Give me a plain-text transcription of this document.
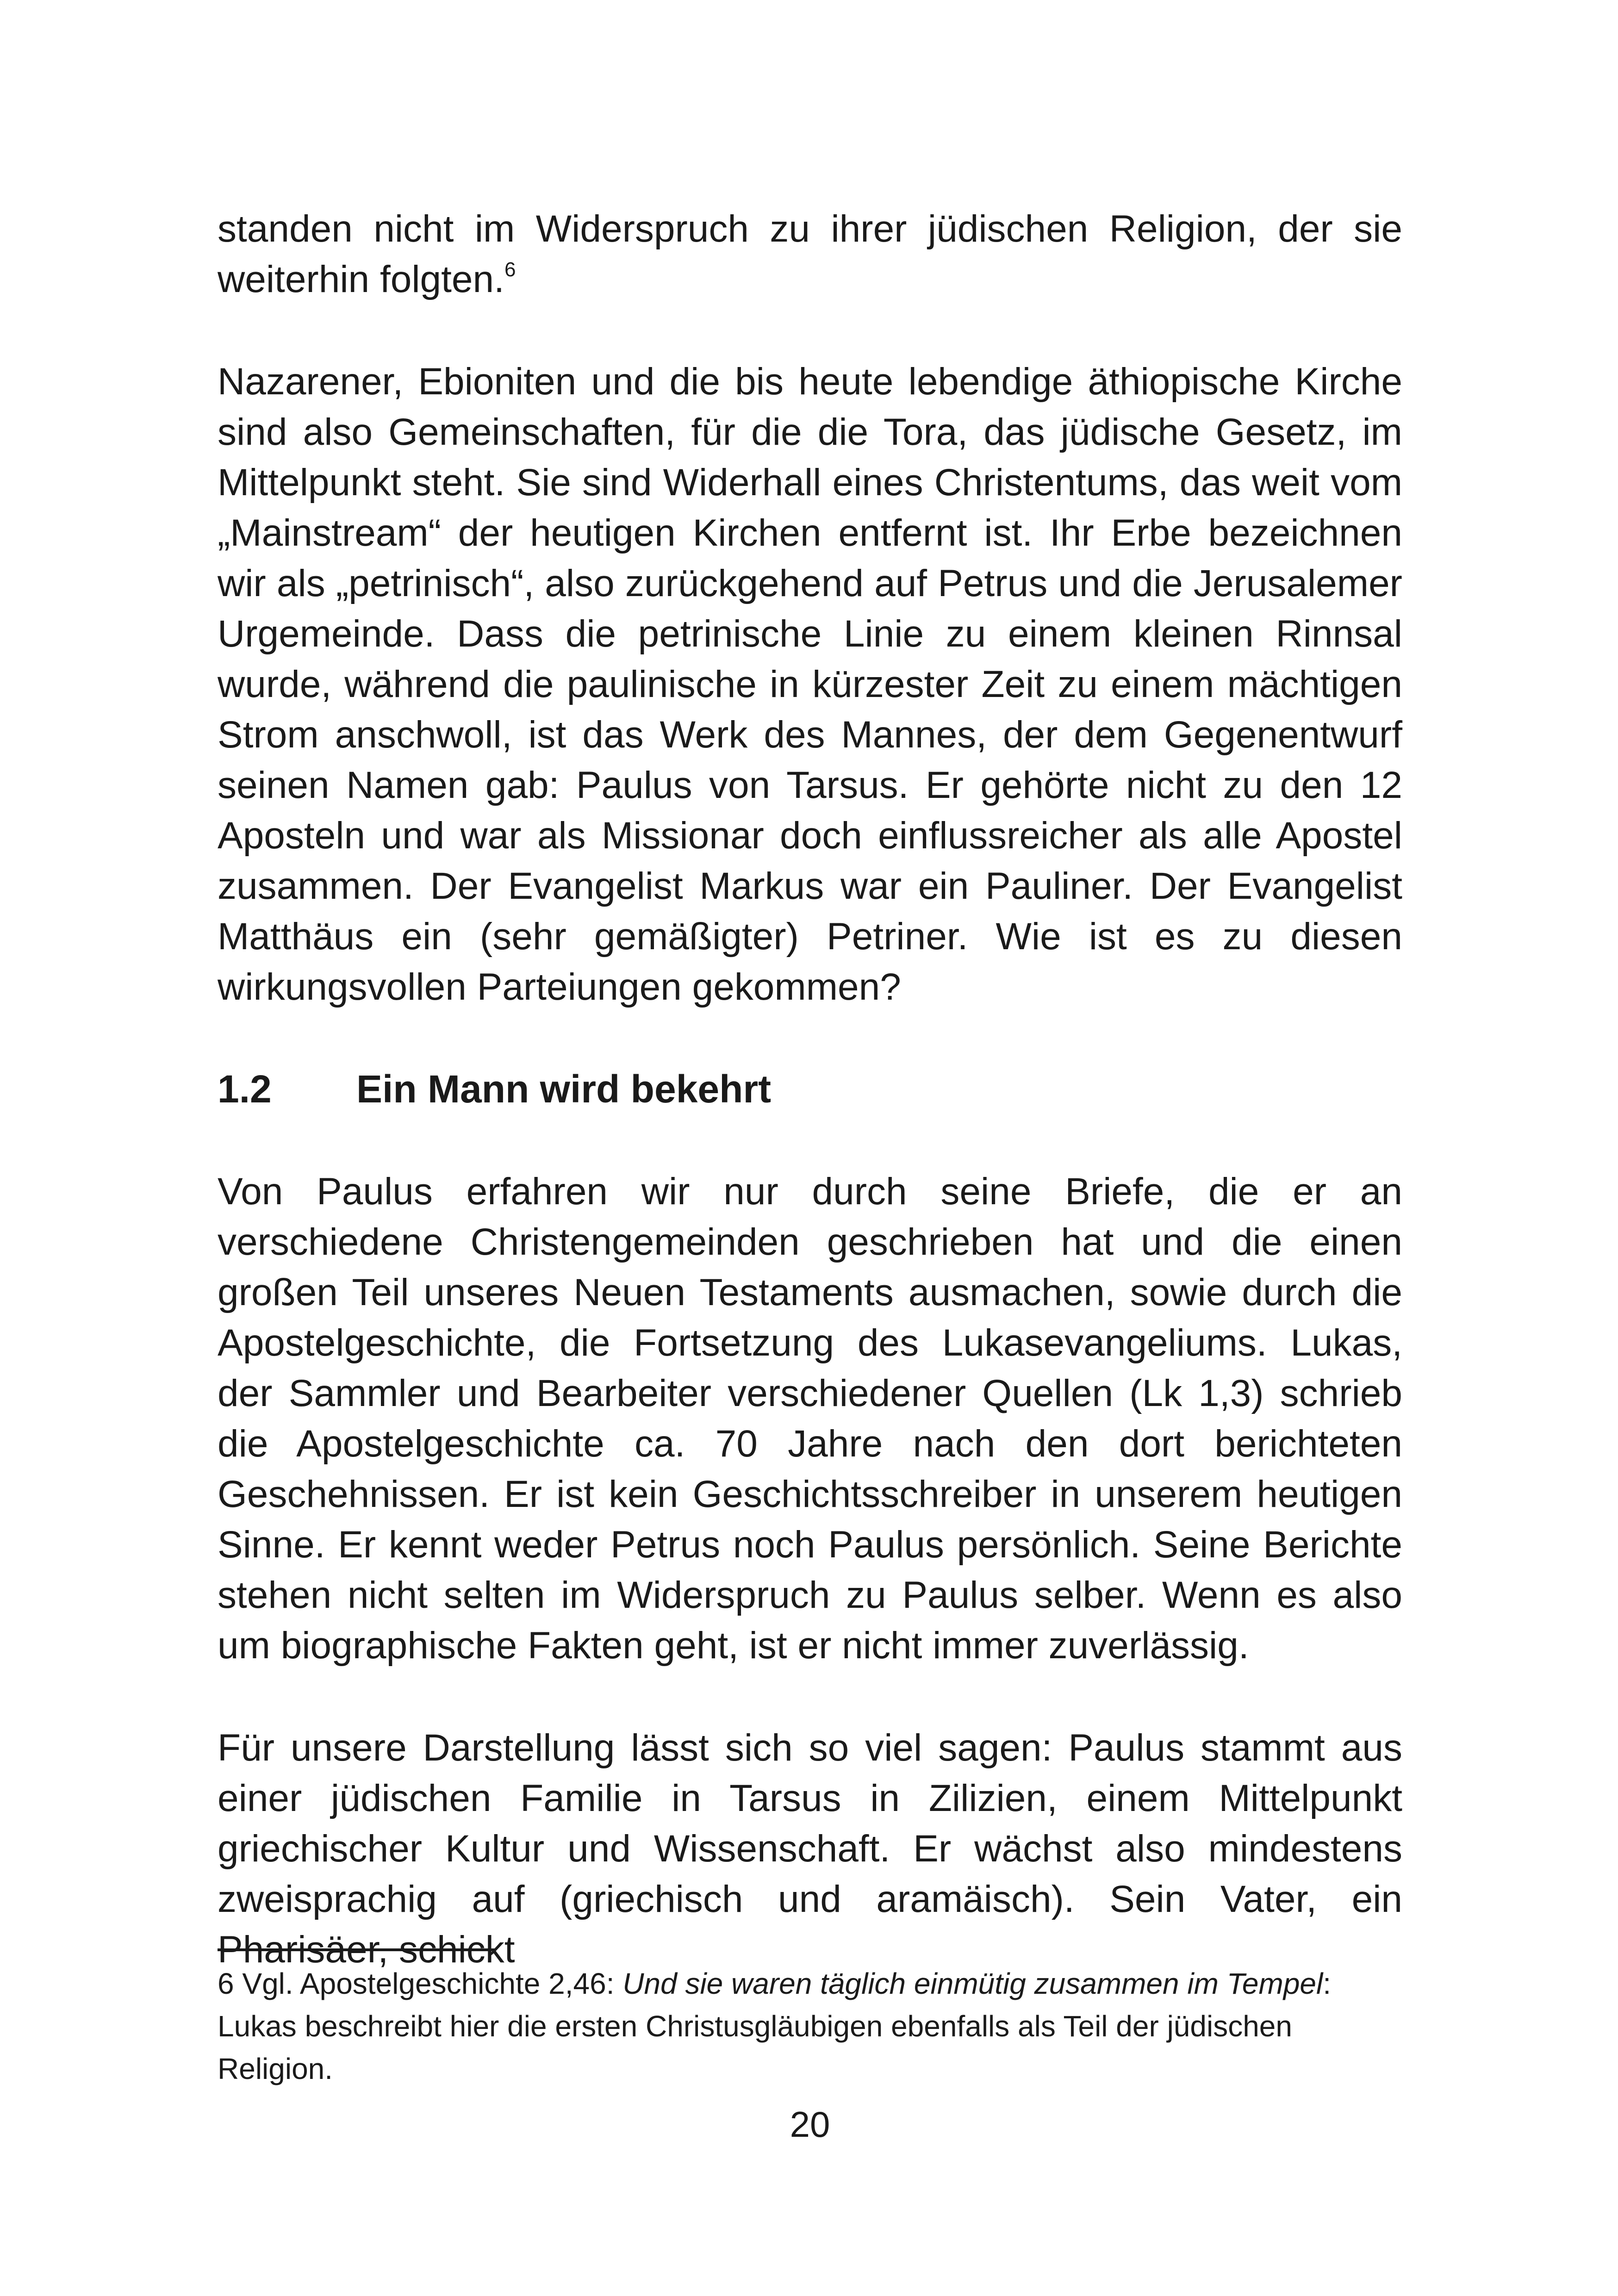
standen nicht im Widerspruch zu ihrer jüdischen Religion, der sie weiterhin folgten.$^6$

Nazarener, Ebioniten und die bis heute lebendige äthiopische Kirche sind also Gemeinschaften, für die die Tora, das jüdische Gesetz, im Mittelpunkt steht. Sie sind Widerhall eines Christentums, das weit vom „Mainstream“ der heutigen Kirchen entfernt ist. Ihr Erbe bezeichnen wir als „petrinisch“, also zurückgehend auf Petrus und die Jerusalemer Urgemeinde. Dass die petrinische Linie zu einem kleinen Rinnsal wurde, während die paulinische in kürzester Zeit zu einem mächtigen Strom anschwoll, ist das Werk des Mannes, der dem Gegenentwurf seinen Namen gab: Paulus von Tarsus. Er gehörte nicht zu den 12 Aposteln und war als Missionar doch einflussreicher als alle Apostel zusammen. Der Evangelist Markus war ein Pauliner. Der Evangelist Matthäus ein (sehr gemäßigter) Petriner. Wie ist es zu diesen wirkungsvollen Parteiungen gekommen?

1.2	Ein Mann wird bekehrt

Von Paulus erfahren wir nur durch seine Briefe, die er an verschiedene Christengemeinden geschrieben hat und die einen großen Teil unseres Neuen Testaments ausmachen, sowie durch die Apostelgeschichte, die Fortsetzung des Lukasevangeliums. Lukas, der Sammler und Bearbeiter verschiedener Quellen (Lk 1,3) schrieb die Apostelgeschichte ca. 70 Jahre nach den dort berichteten Geschehnissen. Er ist kein Geschichtsschreiber in unserem heutigen Sinne. Er kennt weder Petrus noch Paulus persönlich. Seine Berichte stehen nicht selten im Widerspruch zu Paulus selber. Wenn es also um biographische Fakten geht, ist er nicht immer zuverlässig.

Für unsere Darstellung lässt sich so viel sagen: Paulus stammt aus einer jüdischen Familie in Tarsus in Zilizien, einem Mittelpunkt griechischer Kultur und Wissenschaft. Er wächst also mindestens zweisprachig auf (griechisch und aramäisch). Sein Vater, ein Pharisäer, schickt

6 Vgl. Apostelgeschichte 2,46: Und sie waren täglich einmütig zusammen im Tempel: Lukas beschreibt hier die ersten Christusgläubigen ebenfalls als Teil der jüdischen Religion.

20
